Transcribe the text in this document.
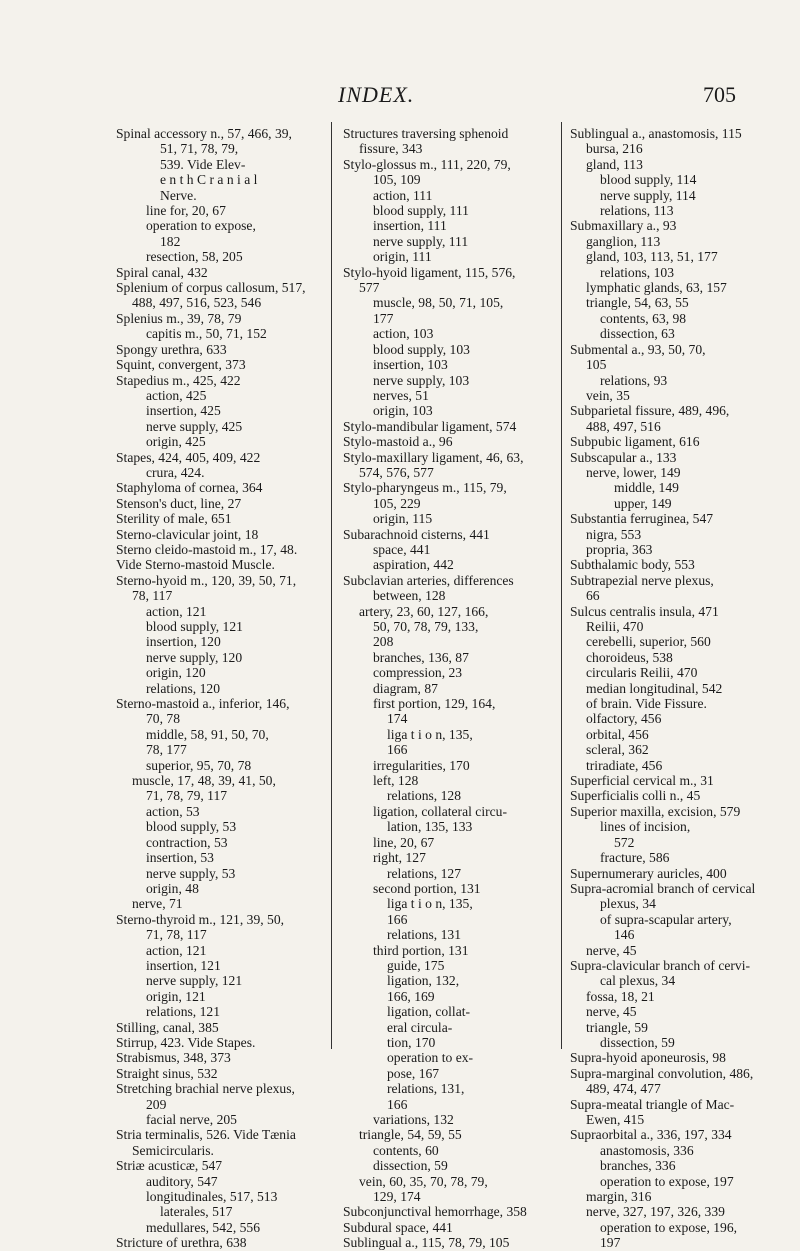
INDEX.	705
Spinal accessory n., 57, 466, 39,
51, 71, 78, 79,
539. Vide Elev-
e n t h C r a n i a l
Nerve.
line for, 20, 67
operation to expose,
182
resection, 58, 205
Spiral canal, 432
Splenium of corpus callosum, 517,
488, 497, 516, 523, 546
Splenius m., 39, 78, 79
capitis m., 50, 71, 152
Spongy urethra, 633
Squint, convergent, 373
Stapedius m., 425, 422
action, 425
insertion, 425
nerve supply, 425
origin, 425
Stapes, 424, 405, 409, 422
crura, 424.
Staphyloma of cornea, 364
Stenson's duct, line, 27
Sterility of male, 651
Sterno-clavicular joint, 18
Sterno cleido-mastoid m., 17, 48.
Vide Sterno-mastoid Muscle.
Sterno-hyoid m., 120, 39, 50, 71,
78, 117
action, 121
blood supply, 121
insertion, 120
nerve supply, 120
origin, 120
relations, 120
Sterno-mastoid a., inferior, 146,
70, 78
middle, 58, 91, 50, 70,
78, 177
superior, 95, 70, 78
muscle, 17, 48, 39, 41, 50,
71, 78, 79, 117
action, 53
blood supply, 53
contraction, 53
insertion, 53
nerve supply, 53
origin, 48
nerve, 71
Sterno-thyroid m., 121, 39, 50,
71, 78, 117
action, 121
insertion, 121
nerve supply, 121
origin, 121
relations, 121
Stilling, canal, 385
Stirrup, 423. Vide Stapes.
Strabismus, 348, 373
Straight sinus, 532
Stretching brachial nerve plexus,
209
facial nerve, 205
Stria terminalis, 526. Vide Tænia
Semicircularis.
Striæ acusticæ, 547
auditory, 547
longitudinales, 517, 513
laterales, 517
medullares, 542, 556
Stricture of urethra, 638
Structures traversing sphenoid
fissure, 343
Stylo-glossus m., 111, 220, 79,
105, 109
action, 111
blood supply, 111
insertion, 111
nerve supply, 111
origin, 111
Stylo-hyoid ligament, 115, 576,
577
muscle, 98, 50, 71, 105,
177
action, 103
blood supply, 103
insertion, 103
nerve supply, 103
nerves, 51
origin, 103
Stylo-mandibular ligament, 574
Stylo-mastoid a., 96
Stylo-maxillary ligament, 46, 63,
574, 576, 577
Stylo-pharyngeus m., 115, 79,
105, 229
origin, 115
Subarachnoid cisterns, 441
space, 441
aspiration, 442
Subclavian arteries, differences
between, 128
artery, 23, 60, 127, 166,
50, 70, 78, 79, 133,
208
branches, 136, 87
compression, 23
diagram, 87
first portion, 129, 164,
174
liga t i o n, 135,
166
irregularities, 170
left, 128
relations, 128
ligation, collateral circu-
lation, 135, 133
line, 20, 67
right, 127
relations, 127
second portion, 131
liga t i o n, 135,
166
relations, 131
third portion, 131
guide, 175
ligation, 132,
166, 169
ligation, collat-
eral circula-
tion, 170
operation to ex-
pose, 167
relations, 131,
166
variations, 132
triangle, 54, 59, 55
contents, 60
dissection, 59
vein, 60, 35, 70, 78, 79,
129, 174
Subconjunctival hemorrhage, 358
Subdural space, 441
Sublingual a., 115, 78, 79, 105
Sublingual a., anastomosis, 115
bursa, 216
gland, 113
blood supply, 114
nerve supply, 114
relations, 113
Submaxillary a., 93
ganglion, 113
gland, 103, 113, 51, 177
relations, 103
lymphatic glands, 63, 157
triangle, 54, 63, 55
contents, 63, 98
dissection, 63
Submental a., 93, 50, 70,
105
relations, 93
vein, 35
Subparietal fissure, 489, 496,
488, 497, 516
Subpubic ligament, 616
Subscapular a., 133
nerve, lower, 149
middle, 149
upper, 149
Substantia ferruginea, 547
nigra, 553
propria, 363
Subthalamic body, 553
Subtrapezial nerve plexus,
66
Sulcus centralis insula, 471
Reilii, 470
cerebelli, superior, 560
choroideus, 538
circularis Reilii, 470
median longitudinal, 542
of brain. Vide Fissure.
olfactory, 456
orbital, 456
scleral, 362
triradiate, 456
Superficial cervical m., 31
Superficialis colli n., 45
Superior maxilla, excision, 579
lines of incision,
572
fracture, 586
Supernumerary auricles, 400
Supra-acromial branch of cervical
plexus, 34
of supra-scapular artery,
146
nerve, 45
Supra-clavicular branch of cervi-
cal plexus, 34
fossa, 18, 21
nerve, 45
triangle, 59
dissection, 59
Supra-hyoid aponeurosis, 98
Supra-marginal convolution, 486,
489, 474, 477
Supra-meatal triangle of Mac-
Ewen, 415
Supraorbital a., 336, 197, 334
anastomosis, 336
branches, 336
operation to expose, 197
margin, 316
nerve, 327, 197, 326, 339
operation to expose, 196,
197
